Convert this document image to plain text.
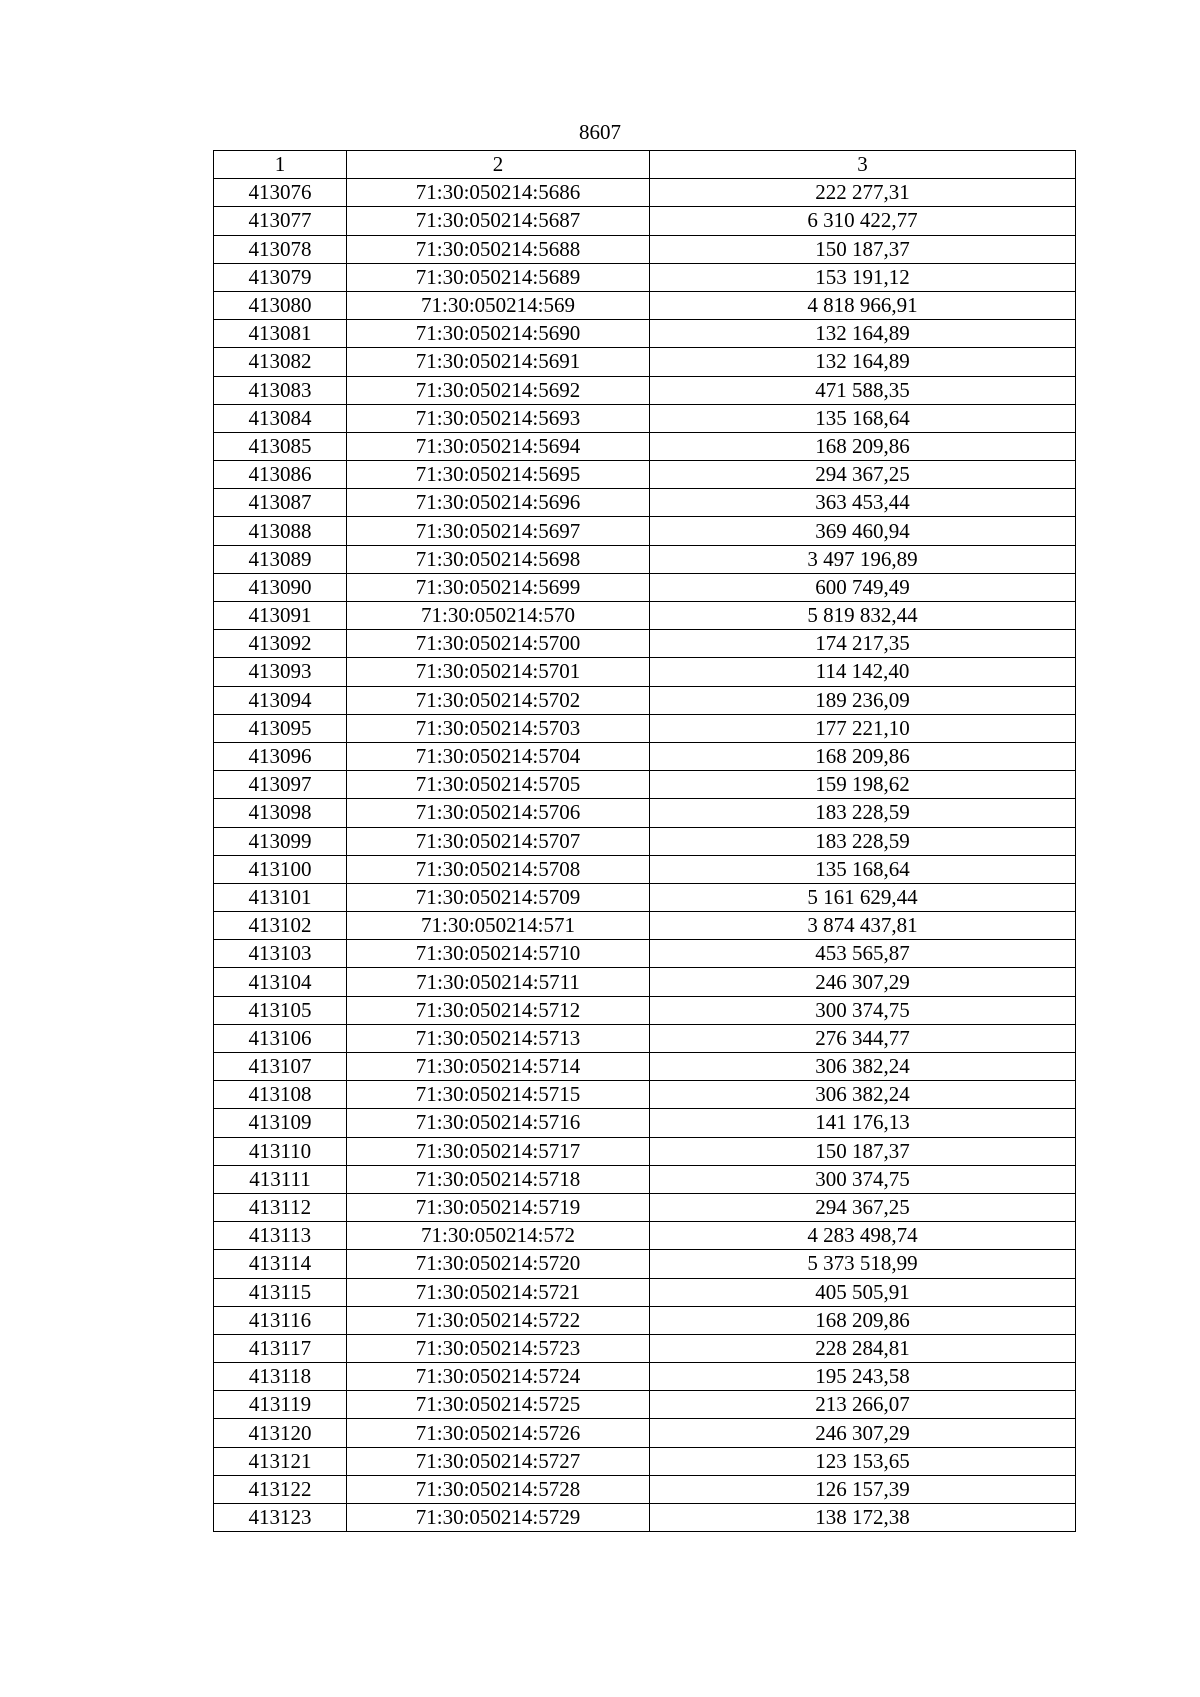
8607
1	2	3
413076	71:30:050214:5686	222 277,31
413077	71:30:050214:5687	6 310 422,77
413078	71:30:050214:5688	150 187,37
413079	71:30:050214:5689	153 191,12
413080	71:30:050214:569	4 818 966,91
413081	71:30:050214:5690	132 164,89
413082	71:30:050214:5691	132 164,89
413083	71:30:050214:5692	471 588,35
413084	71:30:050214:5693	135 168,64
413085	71:30:050214:5694	168 209,86
413086	71:30:050214:5695	294 367,25
413087	71:30:050214:5696	363 453,44
413088	71:30:050214:5697	369 460,94
413089	71:30:050214:5698	3 497 196,89
413090	71:30:050214:5699	600 749,49
413091	71:30:050214:570	5 819 832,44
413092	71:30:050214:5700	174 217,35
413093	71:30:050214:5701	114 142,40
413094	71:30:050214:5702	189 236,09
413095	71:30:050214:5703	177 221,10
413096	71:30:050214:5704	168 209,86
413097	71:30:050214:5705	159 198,62
413098	71:30:050214:5706	183 228,59
413099	71:30:050214:5707	183 228,59
413100	71:30:050214:5708	135 168,64
413101	71:30:050214:5709	5 161 629,44
413102	71:30:050214:571	3 874 437,81
413103	71:30:050214:5710	453 565,87
413104	71:30:050214:5711	246 307,29
413105	71:30:050214:5712	300 374,75
413106	71:30:050214:5713	276 344,77
413107	71:30:050214:5714	306 382,24
413108	71:30:050214:5715	306 382,24
413109	71:30:050214:5716	141 176,13
413110	71:30:050214:5717	150 187,37
413111	71:30:050214:5718	300 374,75
413112	71:30:050214:5719	294 367,25
413113	71:30:050214:572	4 283 498,74
413114	71:30:050214:5720	5 373 518,99
413115	71:30:050214:5721	405 505,91
413116	71:30:050214:5722	168 209,86
413117	71:30:050214:5723	228 284,81
413118	71:30:050214:5724	195 243,58
413119	71:30:050214:5725	213 266,07
413120	71:30:050214:5726	246 307,29
413121	71:30:050214:5727	123 153,65
413122	71:30:050214:5728	126 157,39
413123	71:30:050214:5729	138 172,38
